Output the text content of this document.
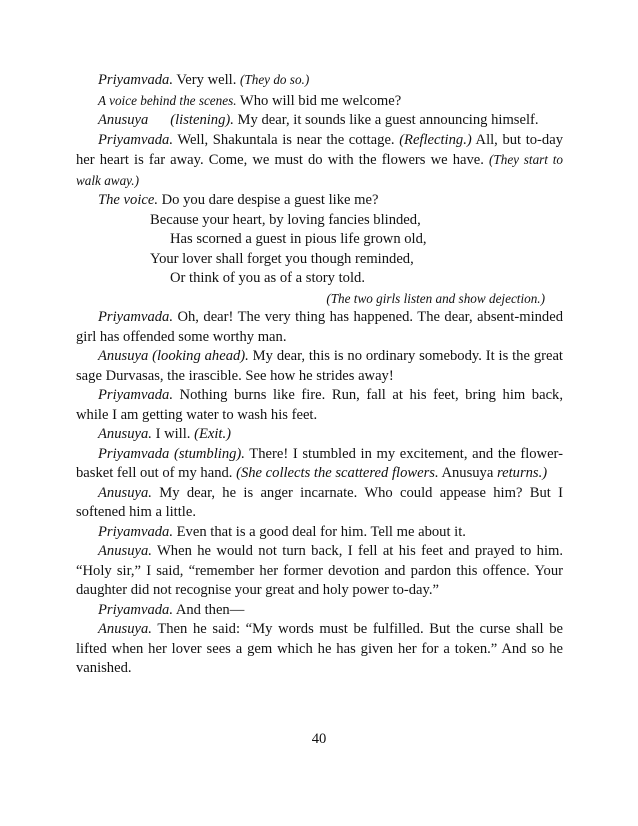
Priyamvada. Very well. (They do so.)

A voice behind the scenes. Who will bid me welcome?

Anusuya (listening). My dear, it sounds like a guest announcing himself.

Priyamvada. Well, Shakuntala is near the cottage. (Reflecting.) All, but to-day her heart is far away. Come, we must do with the flowers we have. (They start to walk away.)

The voice. Do you dare despise a guest like me?

Because your heart, by loving fancies blinded,

Has scorned a guest in pious life grown old,

Your lover shall forget you though reminded,

Or think of you as of a story told.

(The two girls listen and show dejection.)

Priyamvada. Oh, dear! The very thing has happened. The dear, absent-minded girl has offended some worthy man.

Anusuya (looking ahead). My dear, this is no ordinary somebody. It is the great sage Durvasas, the irascible. See how he strides away!

Priyamvada. Nothing burns like fire. Run, fall at his feet, bring him back, while I am getting water to wash his feet.

Anusuya. I will. (Exit.)

Priyamvada (stumbling). There! I stumbled in my excitement, and the flower-basket fell out of my hand. (She collects the scattered flowers. Anusuya returns.)

Anusuya. My dear, he is anger incarnate. Who could appease him? But I softened him a little.

Priyamvada. Even that is a good deal for him. Tell me about it.

Anusuya. When he would not turn back, I fell at his feet and prayed to him. “Holy sir,” I said, “remember her former devotion and pardon this offence. Your daughter did not recognise your great and holy power to-day.”

Priyamvada. And then—

Anusuya. Then he said: “My words must be fulfilled. But the curse shall be lifted when her lover sees a gem which he has given her for a token.” And so he vanished.

40
